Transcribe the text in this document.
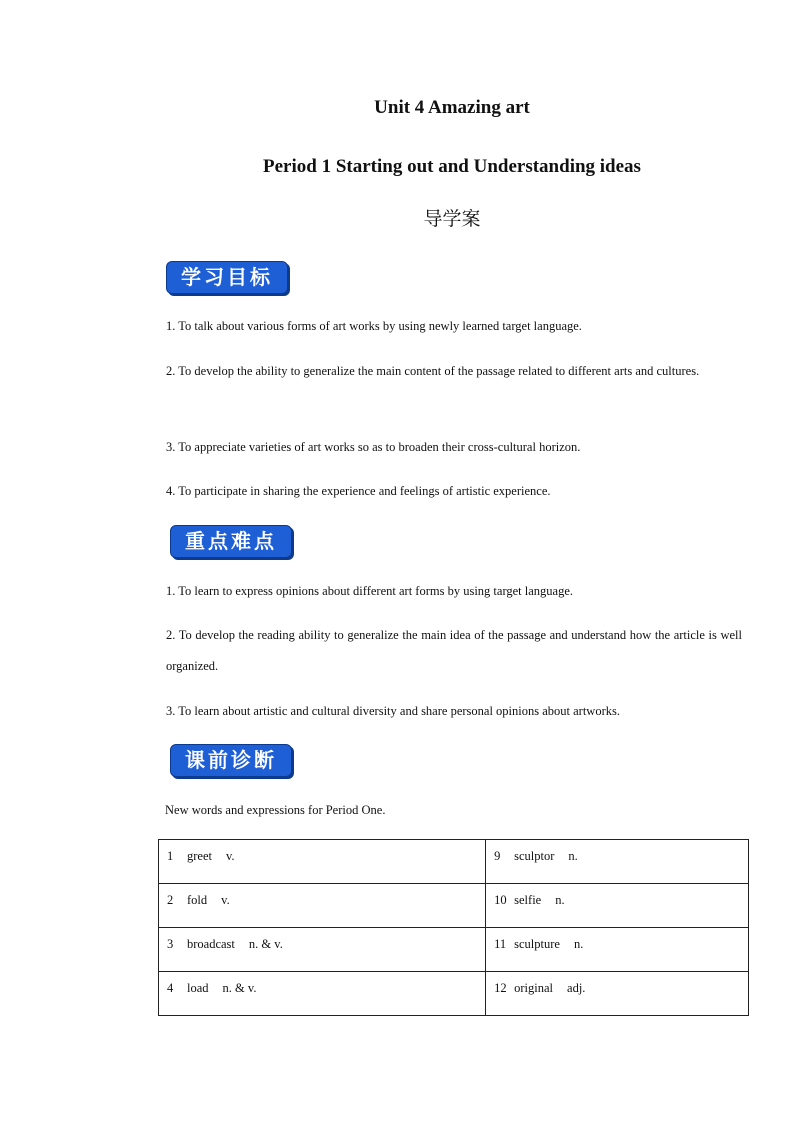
Unit 4 Amazing art
Period 1 Starting out and Understanding ideas
导学案
学习目标
1. To talk about various forms of art works by using newly learned target language.
2. To develop the ability to generalize the main content of the passage related to different arts and cultures.
3. To appreciate varieties of art works so as to broaden their cross-cultural horizon.
4. To participate in sharing the experience and feelings of artistic experience.
重点难点
1. To learn to express opinions about different art forms by using target language.
2. To develop the reading ability to generalize the main idea of the passage and understand how the article is well organized.
3. To learn about artistic and cultural diversity and share personal opinions about artworks.
课前诊断
New words and expressions for Period One.
1 greet v.	9 sculptor n.
2 fold v.	10 selfie n.
3 broadcast n. & v.	11 sculpture n.
4 load n. & v.	12 original adj.
